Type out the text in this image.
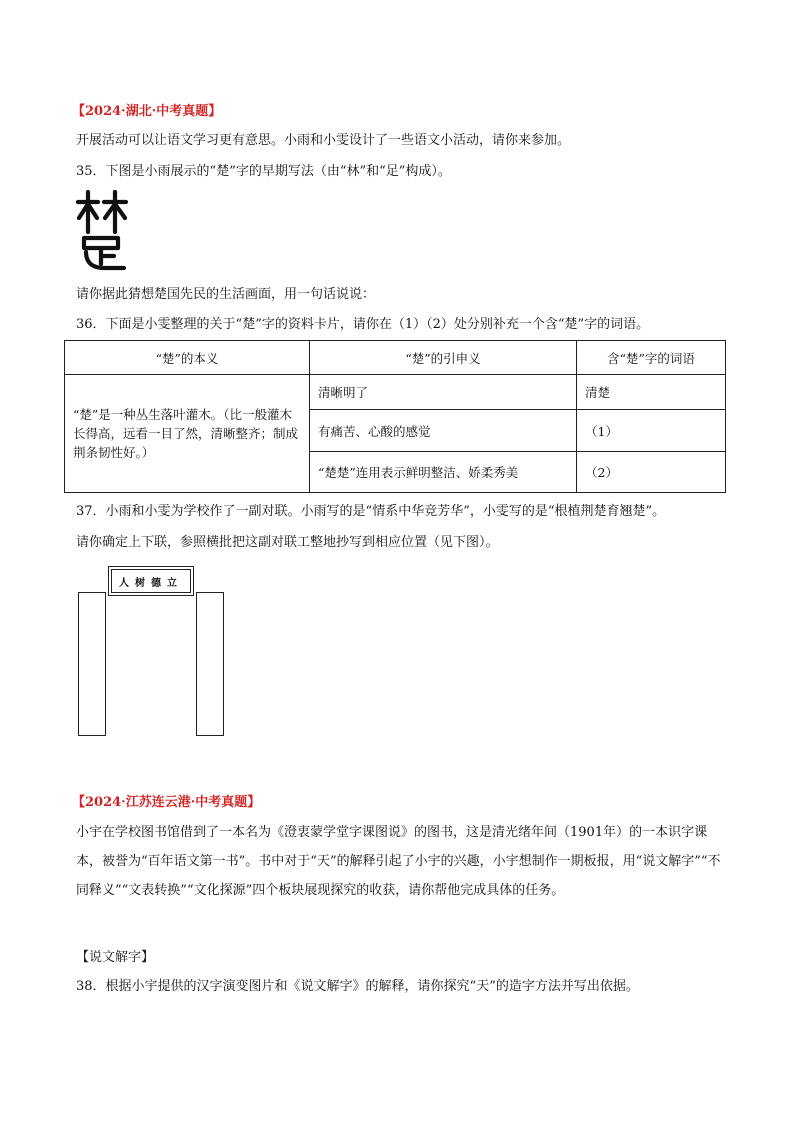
【2024·湖北·中考真题】
开展活动可以让语文学习更有意思。小雨和小雯设计了一些语文小活动，请你来参加。
35．下图是小雨展示的“楚”字的早期写法（由“林”和“足”构成）。
请你据此猜想楚国先民的生活画面，用一句话说说：
36．下面是小雯整理的关于“楚”字的资料卡片，请你在（1）（2）处分别补充一个含“楚”字的词语。
“楚”的本义	“楚”的引申义	含“楚”字的词语
“楚”是一种丛生落叶灌木。（比一般灌木长得高，远看一目了然，清晰整齐；制成荆条韧性好。）	清晰明了	清楚
	有痛苦、心酸的感觉	（1）
	“楚楚”连用表示鲜明整洁、娇柔秀美	（2）
37．小雨和小雯为学校作了一副对联。小雨写的是“情系中华竞芳华”，小雯写的是“根植荆楚育翘楚”。
请你确定上下联，参照横批把这副对联工整地抄写到相应位置（见下图）。
人树德立
【2024·江苏连云港·中考真题】
小宇在学校图书馆借到了一本名为《澄衷蒙学堂字课图说》的图书，这是清光绪年间（1901年）的一本识字课本，被誉为“百年语文第一书”。书中对于“天”的解释引起了小宇的兴趣，小宇想制作一期板报，用“说文解字”“不同释义”“文表转换”“文化探源”四个板块展现探究的收获，请你帮他完成具体的任务。
【说文解字】
38．根据小宇提供的汉字演变图片和《说文解字》的解释，请你探究“天”的造字方法并写出依据。
